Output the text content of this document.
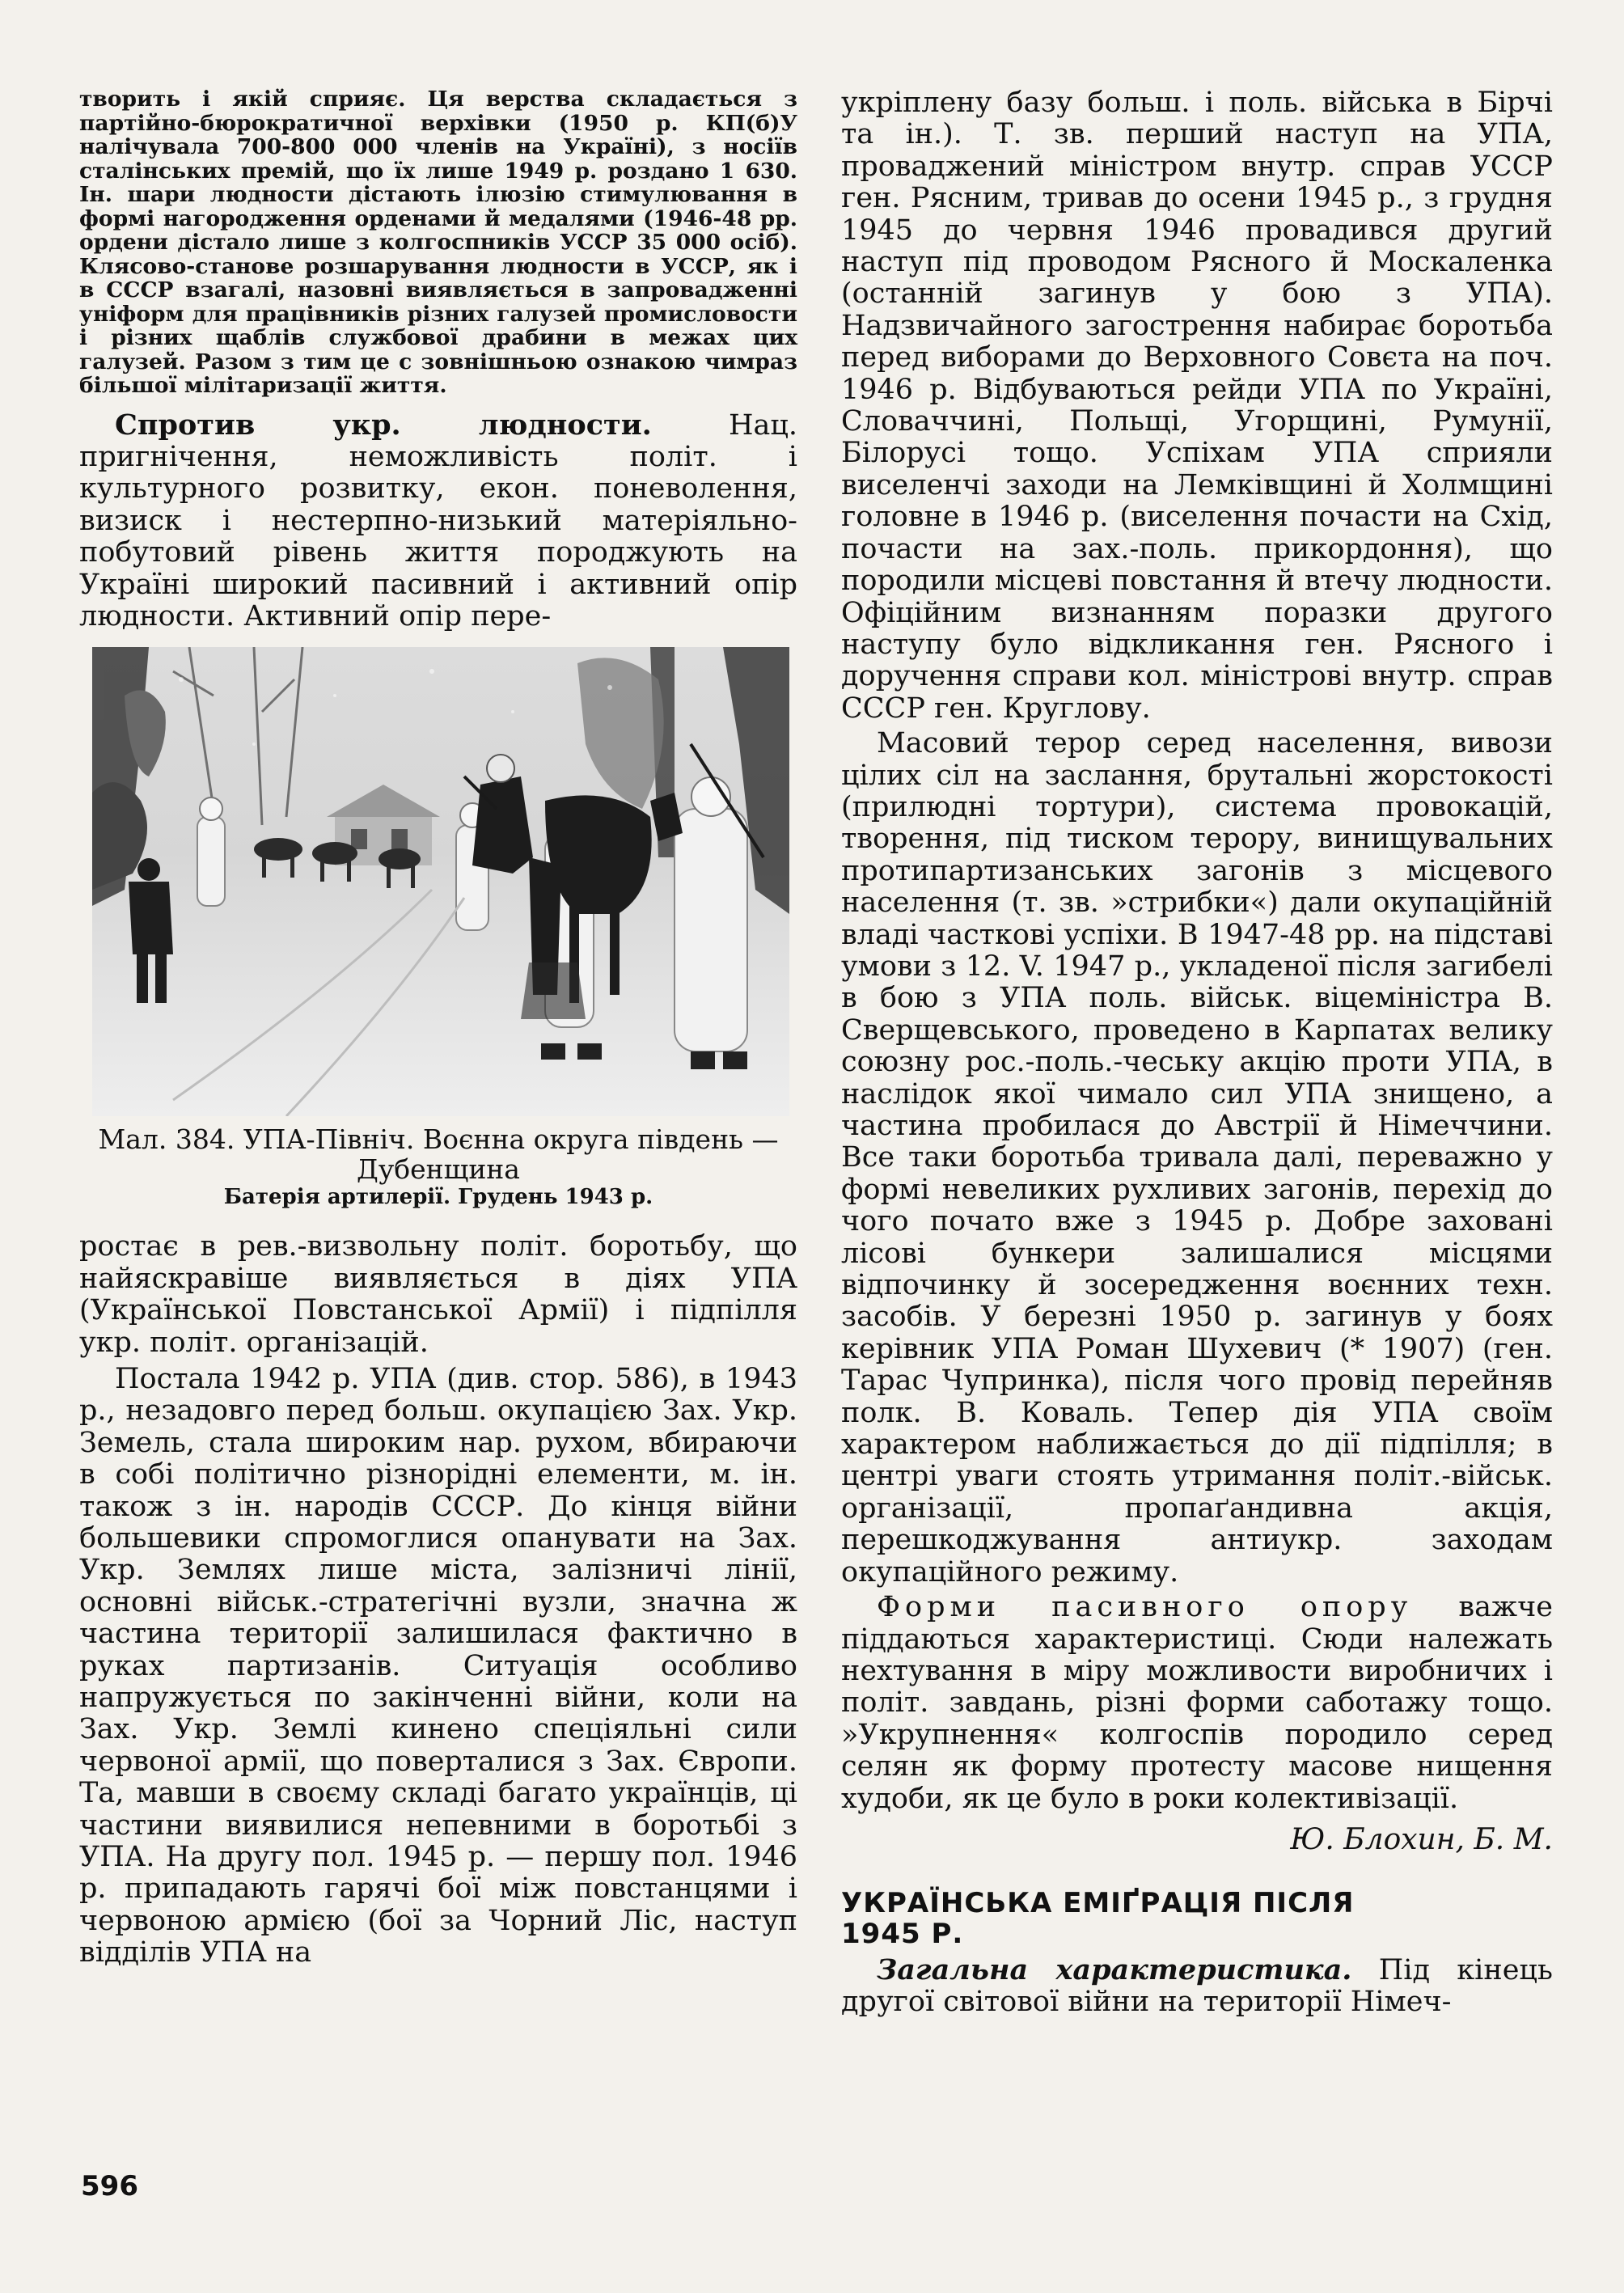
творить і якій сприяє. Ця верства складається з партійно-бюрократичної верхівки (1950 р. КП(б)У налічувала 700-800 000 членів на Україні), з носіїв сталінських премій, що їх лише 1949 р. роздано 1 630. Ін. шари людности дістають ілюзію стимулювання в формі нагородження орденами й медалями (1946-48 рр. ордени дістало лише з колгоспників УССР 35 000 осіб). Клясово-станове розшарування людности в УССР, як і в СССР взагалі, назовні виявляється в запровадженні уніформ для працівників різних галузей промисловости і різних щаблів службової драбини в межах цих галузей. Разом з тим це с зовнішньою ознакою чимраз більшої мілітаризації життя.

Спротив укр. людности.	Нац. пригнічення, неможливість політ. і культурного розвитку, екон. поневолення, визиск і нестерпно-низький матеріяльно-побутовий рівень життя породжують на Україні широкий пасивний і активний опір людности. Активний опір пере-

Мал. 384. УПА-Північ. Воєнна округа південь — Дубенщина
Батерія артилерії. Грудень 1943 р.

ростає в рев.-визвольну політ. боротьбу, що найяскравіше виявляється в діях УПА (Української Повстанської Армії) і підпілля укр. політ. організацій.

Постала 1942 р. УПА (див. стор. 586), в 1943 р., незадовго перед больш. окупацією Зах. Укр. Земель, стала широким нар. рухом, вбираючи в собі політично різнорідні елементи, м. ін. також з ін. народів СССР. До кінця війни большевики спромоглися опанувати на Зах. Укр. Землях лише міста, залізничі лінії, основні військ.-стратегічні вузли, значна ж частина території залишилася фактично в руках партизанів. Ситуація особливо напружується по закінченні війни, коли на Зах. Укр. Землі кинено спеціяльні сили червоної армії, що поверталися з Зах. Європи. Та, мавши в своєму складі багато українців, ці частини виявилися непевними в боротьбі з УПА. На другу пол. 1945 р. — першу пол. 1946 р. припадають гарячі бої між повстанцями і червоною армією (бої за Чорний Ліс, наступ відділів УПА на

укріплену базу больш. і поль. війська в Бірчі та ін.). Т. зв. перший наступ на УПА, проваджений міністром внутр. справ УССР ген. Рясним, тривав до осени 1945 р., з грудня 1945 до червня 1946 провадився другий наступ під проводом Рясного й Москаленка (останній загинув у бою з УПА). Надзвичайного загострення набирає боротьба перед виборами до Верховного Совєта на поч. 1946 р. Відбуваються рейди УПА по Україні, Словаччині, Польщі, Угорщині, Румунії, Білорусі тощо. Успіхам УПА сприяли виселенчі заходи на Лемківщині й Холмщині головне в 1946 р. (виселення почасти на Схід, почасти на зах.-поль. прикордоння), що породили місцеві повстання й втечу людности. Офіційним визнанням поразки другого наступу було відкликання ген. Рясного і доручення справи кол. міністрові внутр. справ СССР ген. Круглову.

Масовий терор серед населення, вивози цілих сіл на заслання, брутальні жорстокості (прилюдні тортури), система провокацій, творення, під тиском терору, винищувальних протипартизанських загонів з місцевого населення (т. зв. »стрибки«) дали окупаційній владі часткові успіхи. В 1947-48 рр. на підставі умови з 12. V. 1947 р., укладеної після загибелі в бою з УПА поль. військ. віцеміністра В. Сверщевського, проведено в Карпатах велику союзну рос.-поль.-чеську акцію проти УПА, в наслідок якої чимало сил УПА знищено, а частина пробилася до Австрії й Німеччини. Все таки боротьба тривала далі, переважно у формі невеликих рухливих загонів, перехід до чого почато вже з 1945 р. Добре заховані лісові бункери залишалися місцями відпочинку й зосередження воєнних техн. засобів. У березні 1950 р. загинув у боях керівник УПА Роман Шухевич (* 1907) (ген. Тарас Чупринка), після чого провід перейняв полк. В. Коваль. Тепер дія УПА своїм характером наближається до дії підпілля; в центрі уваги стоять утримання політ.-військ. організації, пропаґандивна акція, перешкоджування антиукр. заходам окупаційного режиму.

Форми пасивного опору важче піддаються характеристиці. Сюди належать нехтування в міру можливости виробничих і політ. завдань, різні форми саботажу тощо. »Укрупнення« колгоспів породило серед селян як форму протесту масове нищення худоби, як це було в роки колективізації.

Ю. Блохин, Б. М.

УКРАЇНСЬКА ЕМІҐРАЦІЯ ПІСЛЯ

1945 Р.

Загальна характеристика. Під кінець другої світової війни на території Німеч-

596
